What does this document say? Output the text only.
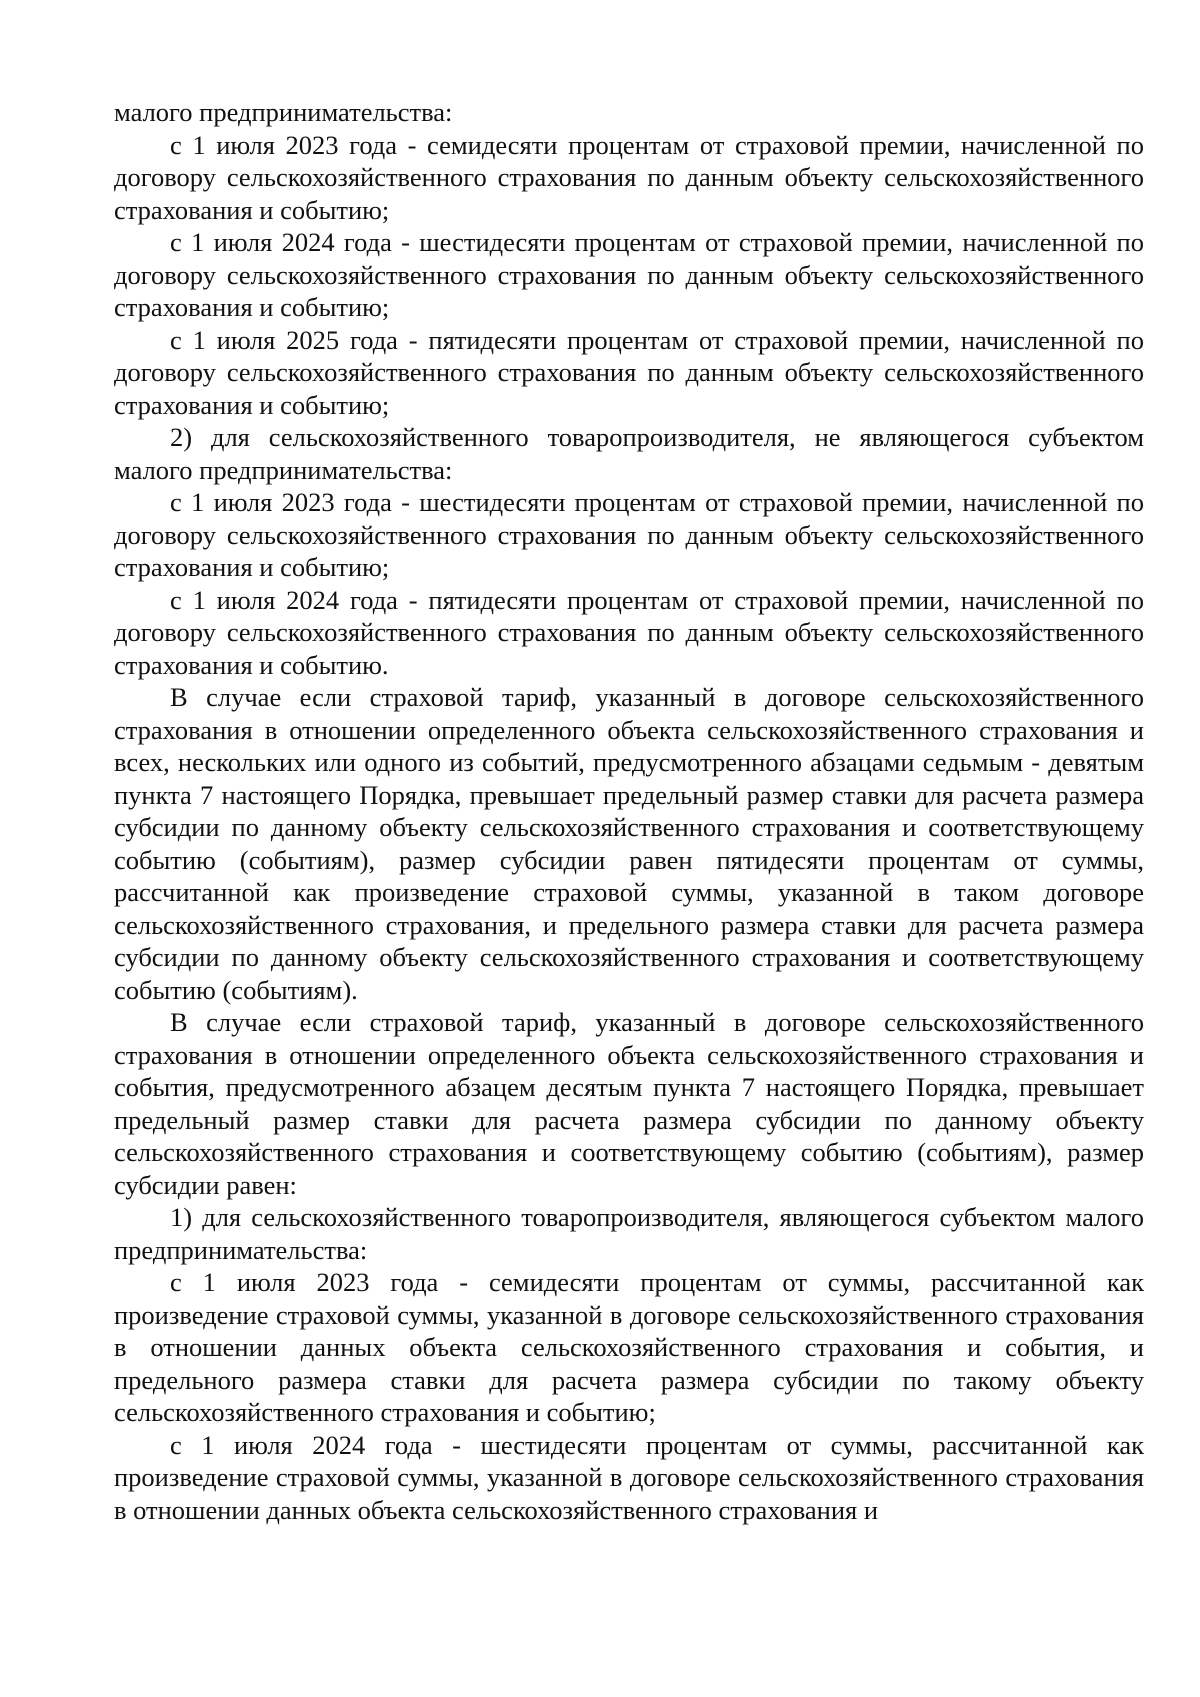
малого предпринимательства:

с 1 июля 2023 года - семидесяти процентам от страховой премии, начисленной по договору сельскохозяйственного страхования по данным объекту сельскохозяйственного страхования и событию;

с 1 июля 2024 года - шестидесяти процентам от страховой премии, начисленной по договору сельскохозяйственного страхования по данным объекту сельскохозяйственного страхования и событию;

с 1 июля 2025 года - пятидесяти процентам от страховой премии, начисленной по договору сельскохозяйственного страхования по данным объекту сельскохозяйственного страхования и событию;

2) для сельскохозяйственного товаропроизводителя, не являющегося субъектом малого предпринимательства:

с 1 июля 2023 года - шестидесяти процентам от страховой премии, начисленной по договору сельскохозяйственного страхования по данным объекту сельскохозяйственного страхования и событию;

с 1 июля 2024 года - пятидесяти процентам от страховой премии, начисленной по договору сельскохозяйственного страхования по данным объекту сельскохозяйственного страхования и событию.

В случае если страховой тариф, указанный в договоре сельскохозяйственного страхования в отношении определенного объекта сельскохозяйственного страхования и всех, нескольких или одного из событий, предусмотренного абзацами седьмым - девятым пункта 7 настоящего Порядка, превышает предельный размер ставки для расчета размера субсидии по данному объекту сельскохозяйственного страхования и соответствующему событию (событиям), размер субсидии равен пятидесяти процентам от суммы, рассчитанной как произведение страховой суммы, указанной в таком договоре сельскохозяйственного страхования, и предельного размера ставки для расчета размера субсидии по данному объекту сельскохозяйственного страхования и соответствующему событию (событиям).

В случае если страховой тариф, указанный в договоре сельскохозяйственного страхования в отношении определенного объекта сельскохозяйственного страхования и события, предусмотренного абзацем десятым пункта 7 настоящего Порядка, превышает предельный размер ставки для расчета размера субсидии по данному объекту сельскохозяйственного страхования и соответствующему событию (событиям), размер субсидии равен:

1) для сельскохозяйственного товаропроизводителя, являющегося субъектом малого предпринимательства:

с 1 июля 2023 года - семидесяти процентам от суммы, рассчитанной как произведение страховой суммы, указанной в договоре сельскохозяйственного страхования в отношении данных объекта сельскохозяйственного страхования и события, и предельного размера ставки для расчета размера субсидии по такому объекту сельскохозяйственного страхования и событию;

с 1 июля 2024 года - шестидесяти процентам от суммы, рассчитанной как произведение страховой суммы, указанной в договоре сельскохозяйственного страхования в отношении данных объекта сельскохозяйственного страхования и
